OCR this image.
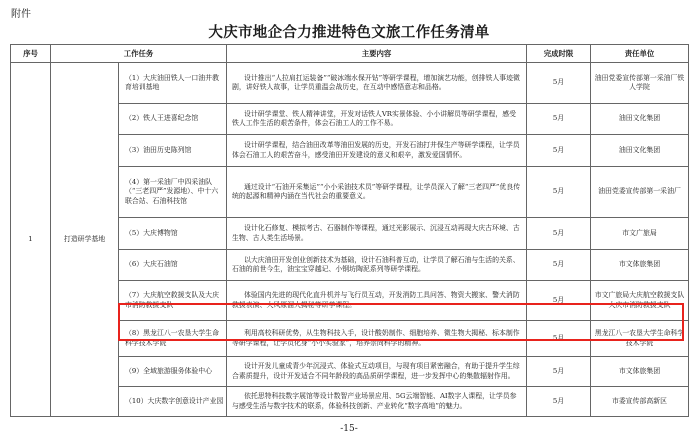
附件
大庆市地企合力推进特色文旅工作任务清单
序号	工作任务		主要内容	完成时限	责任单位
1	打造研学基地	（1）大庆油田铁人一口油井教育培训基地	设计推出“人拉肩扛运装备”“破冰端水保开钻”等研学课程，增加演艺功能，创排铁人事迹微剧，讲好铁人故事，让学员重温会战历史，在互动中感悟意志和品格。	5月	油田党委宣传部第一采油厂铁人学院
		（2）铁人王进喜纪念馆	设计研学课堂、铁人精神讲堂，开发对话铁人VR实景体验、小小讲解员等研学课程，感受铁人工作生活的艰苦条件，体会石油工人的工作不易。	5月	油田文化集团
		（3）油田历史陈列馆	设计研学课程，结合油田改革等油田发展的历史，开发石油打井保生产等研学课程，让学员体会石油工人的艰苦奋斗，感受油田开发建设的意义和艰辛，激发爱国情怀。	5月	油田文化集团
		（4）第一采油厂中四采油队（“三老四严”发源地）、中十六联合站、石油科技馆	通过设计“石油开采集运”“小小采油技术员”等研学课程，让学员深入了解“三老四严”优良传统的起源和精神内涵在当代社会的重要意义。	5月	油田党委宣传部第一采油厂
		（5）大庆博物馆	设计化石修复、模拟考古、石器制作等课程，通过光影展示、沉浸互动再现大庆古环境、古生物、古人类生活场景。	5月	市文广旅局
		（6）大庆石油馆	以大庆油田开发创业创新技术为基础，设计石油科普互动，让学员了解石油与生活的关系、石油的前世今生，油宝宝穿越记、小钢坊陶泥系列等研学课程。	5月	市文体旅集团
		（7）大庆航空救援支队及大庆市消防救援支队	体验国内先进的现代化直升机并与飞行员互动，开发消防工具问答、物资大搬家、警犬消防救援表演、大风原溜大揭秘等研学课程。	5月	市文广旅局大庆航空救援支队大庆市消防救援支队
		（8）黑龙江八一农垦大学生命科学技术学院	利用高校科研优势，从生物科技入手，设计酸奶制作、细胞培养、微生物大揭秘、标本制作等研学课程，让学员化身“小小实验家”，培养崇尚科学的精神。	5月	黑龙江八一农垦大学生命科学技术学院
		（9）全域旅游服务体验中心	设计开发儿童成青少年沉浸式、体验式互动项目，与现有项目紧密融合，有助于提升学生综合素质提升，设计开发适合不同年龄段的高品质研学课程，进一步发挥中心的集散辐射作用。	5月	市文体旅集团
		（10）大庆数字创意设计产业园	依托思特科技数字展馆等设计数智产业场景应用、5G云端智能、AI数字人课程，让学员参与感受生活与数字技术的联系，体验科技创新、产业转化“数字高地”的魅力。	5月	市委宣传部高新区
-15-
